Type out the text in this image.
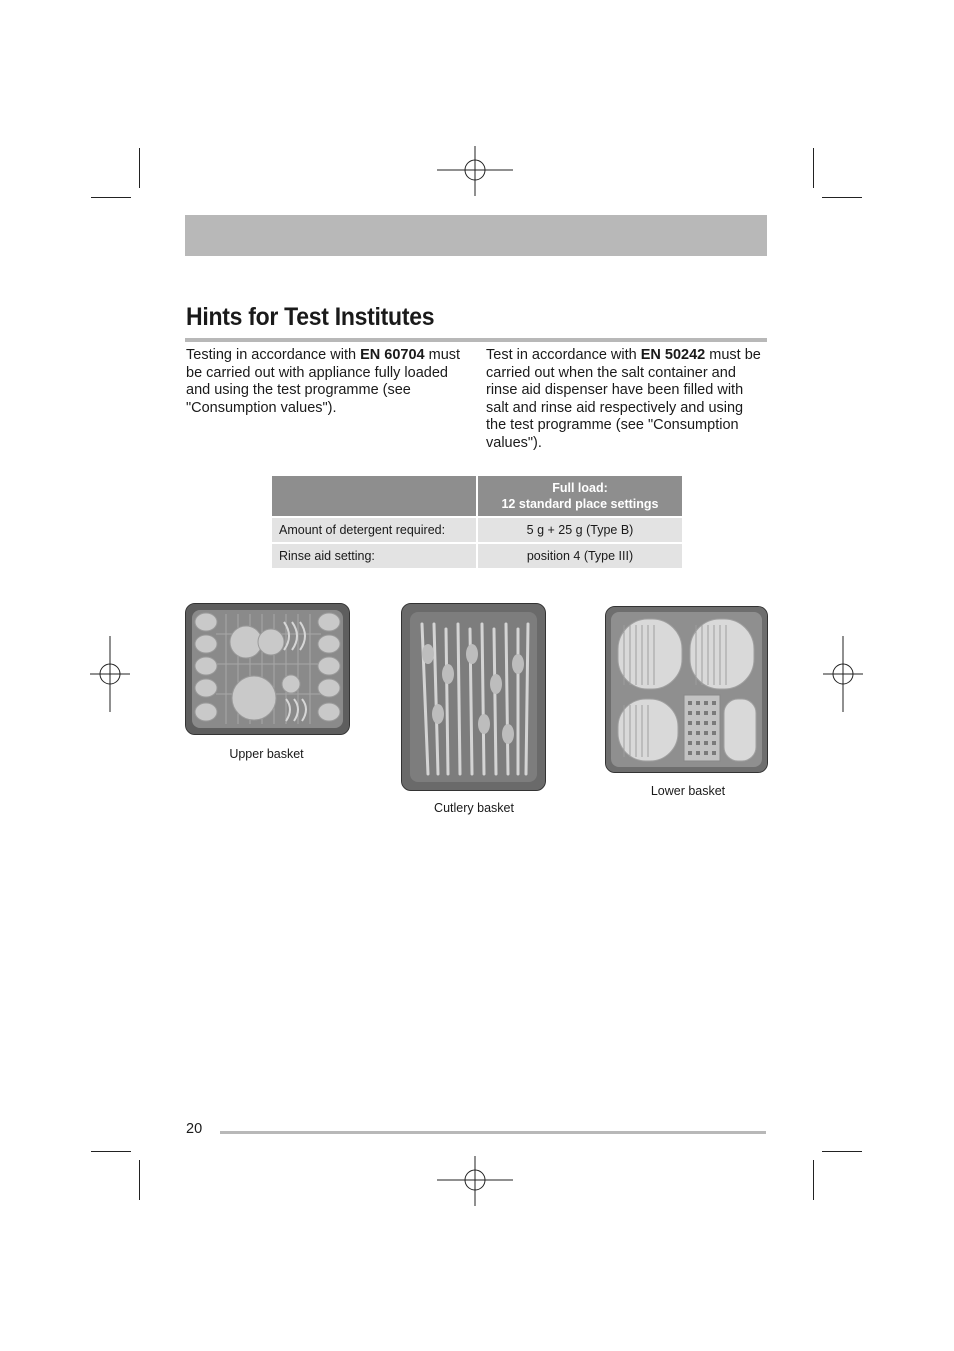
Hints for Test Institutes
Testing in accordance with EN 60704 must be carried out with appliance fully loaded and using the test programme (see "Consumption values").
Test in accordance with EN 50242 must be carried out when the salt container and rinse aid dispenser have been filled with salt and rinse aid respectively and using the test programme (see "Consumption values").

	Full load:
12 standard place settings

Amount of detergent required:	5 g + 25 g (Type B)
Rinse aid setting:	position 4 (Type III)
Upper basket
Cutlery basket
Lower basket
20
